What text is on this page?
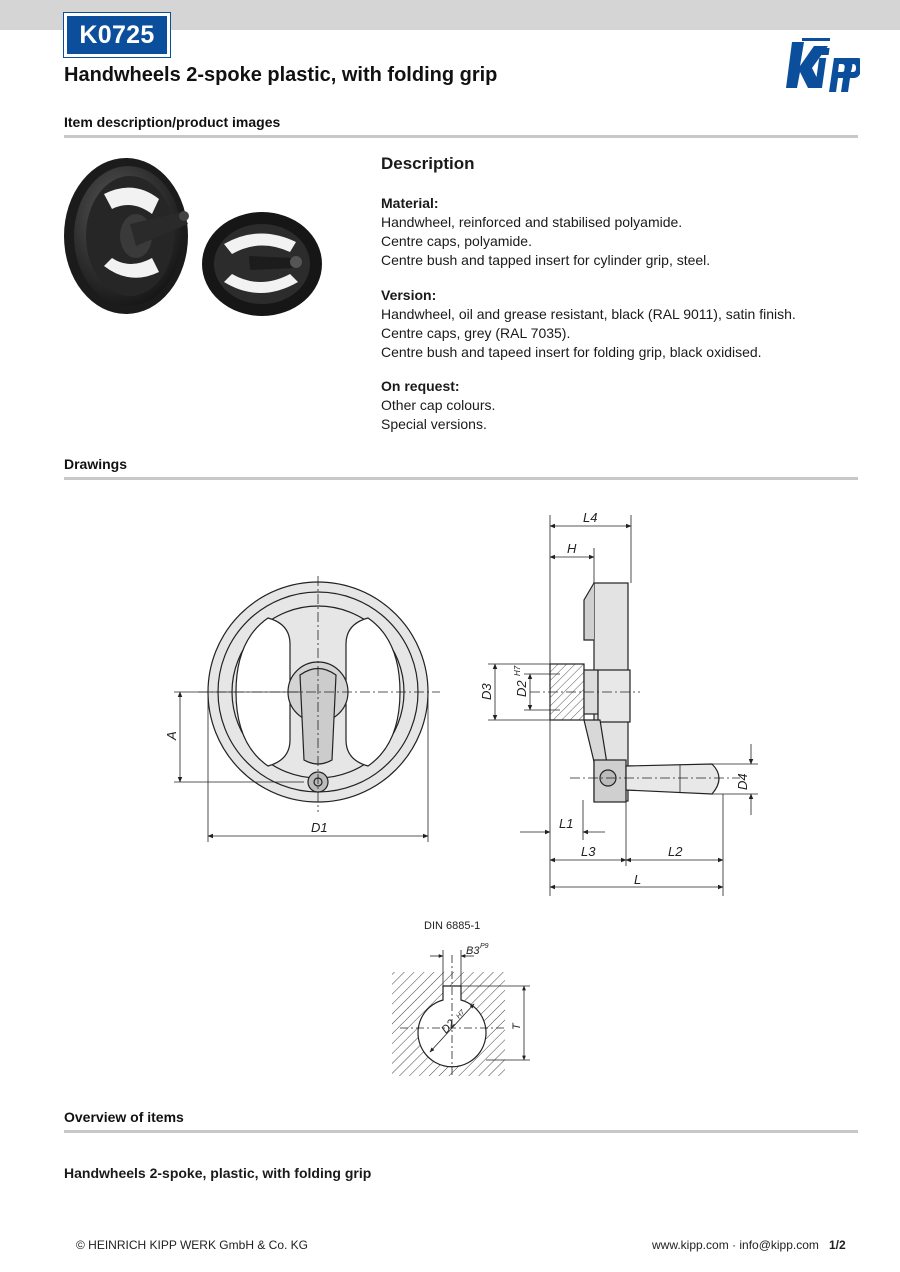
K0725
Handwheels 2-spoke plastic, with folding grip
Item description/product images
Description
Material:
Handwheel, reinforced and stabilised polyamide.
Centre caps, polyamide.
Centre bush and tapped insert for cylinder grip, steel.
Version:
Handwheel, oil and grease resistant, black (RAL 9011), satin finish.
Centre caps, grey (RAL 7035).
Centre bush and tapeed insert for folding grip, black oxidised.
On request:
Other cap colours.
Special versions.
Drawings
A
D1
L4
H
D3 D2
H7
D4
L1
L3	L2
L
DIN 6885-1
B3 P9
D2
H7
T
Overview of items
Handwheels 2-spoke, plastic, with folding grip
© HEINRICH KIPP WERK GmbH & Co. KG	www.kipp.com · info@kipp.com 1/2
